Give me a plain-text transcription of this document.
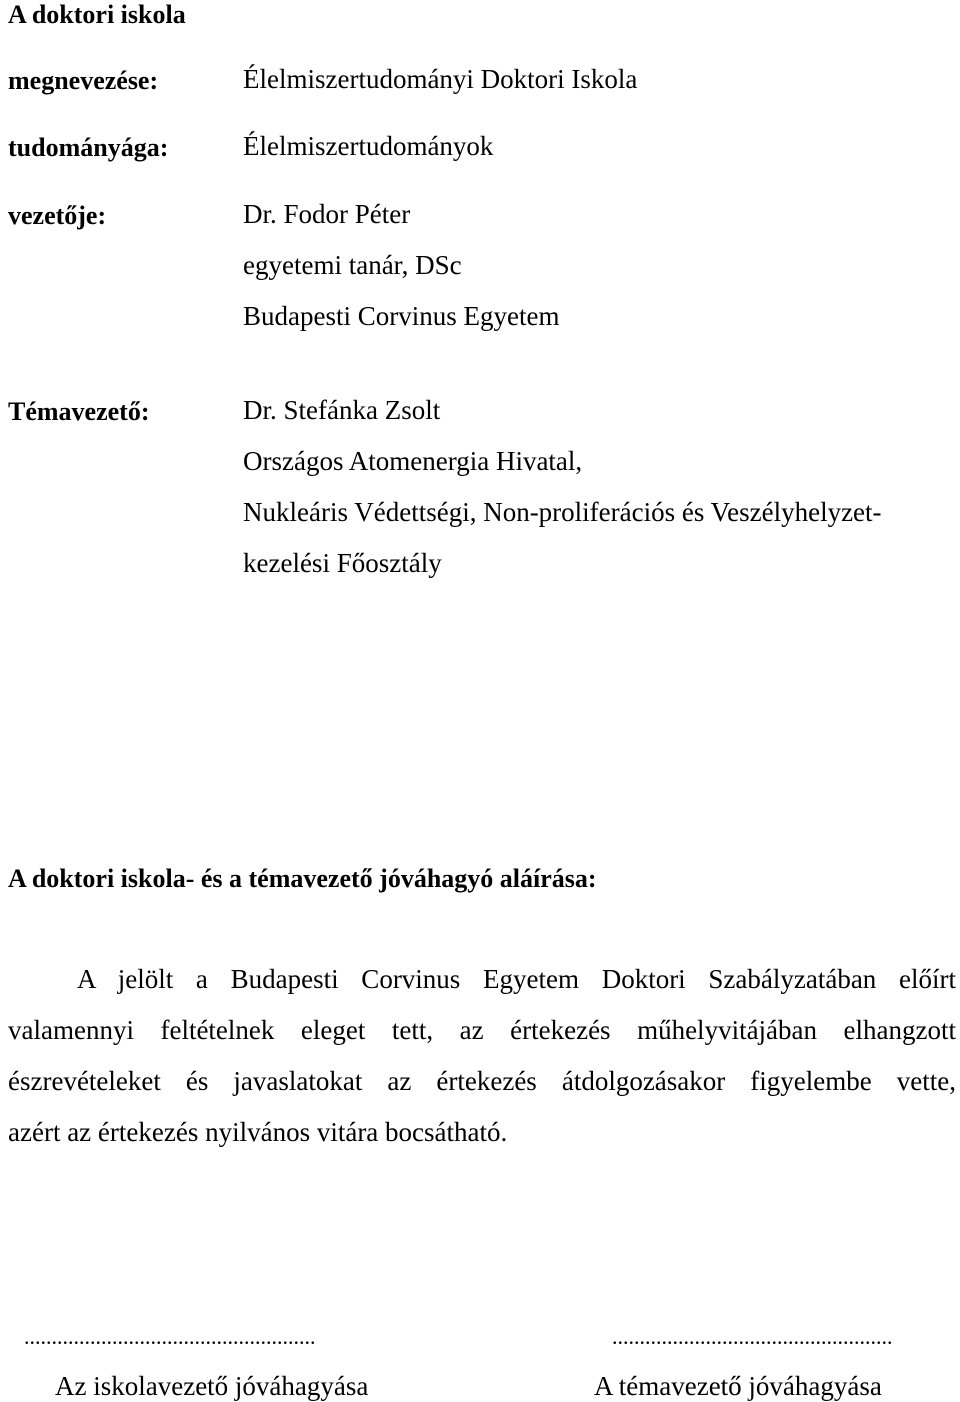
A doktori iskola
megnevezése:	Élelmiszertudományi Doktori Iskola
tudományága:	Élelmiszertudományok
vezetője:	Dr. Fodor Péter
egyetemi tanár, DSc
Budapesti Corvinus Egyetem
Témavezető:	Dr. Stefánka Zsolt
Országos Atomenergia Hivatal,
Nukleáris Védettségi, Non-proliferációs és Veszélyhelyzet-
kezelési Főosztály
A doktori iskola- és a témavezető jóváhagyó aláírása:
A jelölt a Budapesti Corvinus Egyetem Doktori Szabályzatában előírt
valamennyi feltételnek eleget tett, az értekezés műhelyvitájában elhangzott
észrevételeket és javaslatokat az értekezés átdolgozásakor figyelembe vette,
azért az értekezés nyilvános vitára bocsátható.
.....................................................
Az iskolavezető jóváhagyása
...................................................
A témavezető jóváhagyása
